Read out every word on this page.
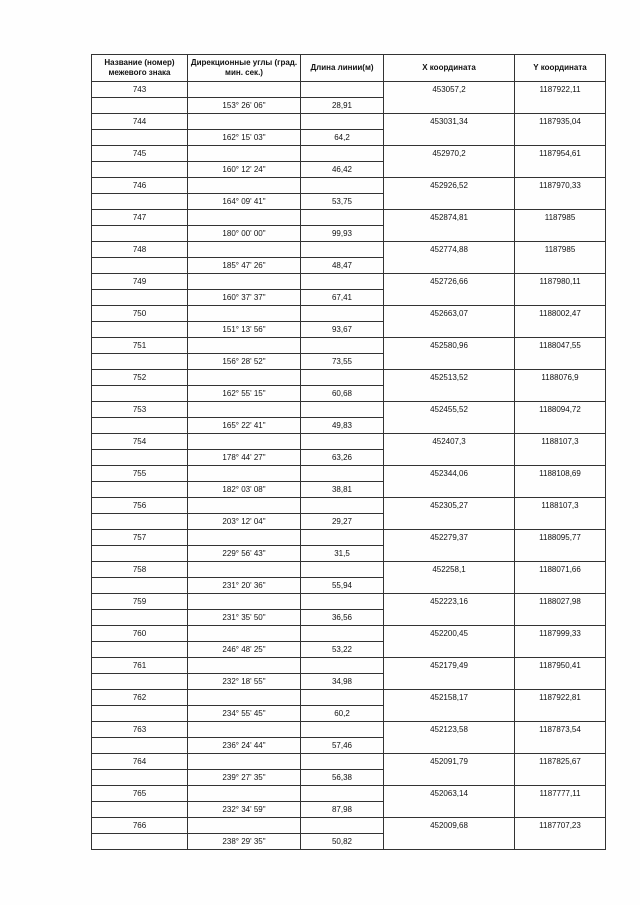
Название (номер) межевого знака	Дирекционные углы (град. мин. сек.)	Длина линии(м)	X координата	Y координата
743			453057,2	1187922,11
	153° 26' 06"	28,91		
744			453031,34	1187935,04
	162° 15' 03"	64,2		
745			452970,2	1187954,61
	160° 12' 24"	46,42		
746			452926,52	1187970,33
	164° 09' 41"	53,75		
747			452874,81	1187985
	180° 00' 00"	99,93		
748			452774,88	1187985
	185° 47' 26"	48,47		
749			452726,66	1187980,11
	160° 37' 37"	67,41		
750			452663,07	1188002,47
	151° 13' 56"	93,67		
751			452580,96	1188047,55
	156° 28' 52"	73,55		
752			452513,52	1188076,9
	162° 55' 15"	60,68		
753			452455,52	1188094,72
	165° 22' 41"	49,83		
754			452407,3	1188107,3
	178° 44' 27"	63,26		
755			452344,06	1188108,69
	182° 03' 08"	38,81		
756			452305,27	1188107,3
	203° 12' 04"	29,27		
757			452279,37	1188095,77
	229° 56' 43"	31,5		
758			452258,1	1188071,66
	231° 20' 36"	55,94		
759			452223,16	1188027,98
	231° 35' 50"	36,56		
760			452200,45	1187999,33
	246° 48' 25"	53,22		
761			452179,49	1187950,41
	232° 18' 55"	34,98		
762			452158,17	1187922,81
	234° 55' 45"	60,2		
763			452123,58	1187873,54
	236° 24' 44"	57,46		
764			452091,79	1187825,67
	239° 27' 35"	56,38		
765			452063,14	1187777,11
	232° 34' 59"	87,98		
766			452009,68	1187707,23
	238° 29' 35"	50,82		
